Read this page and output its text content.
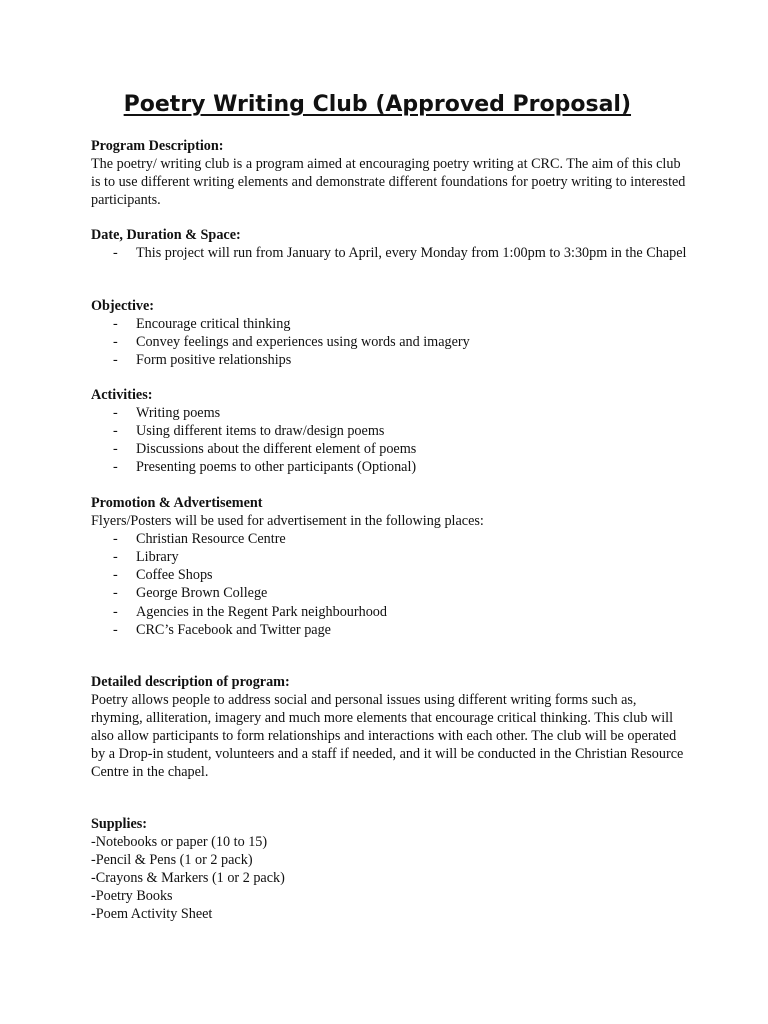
Poetry Writing Club (Approved Proposal)
Program Description:
The poetry/ writing club is a program aimed at encouraging poetry writing at CRC. The aim of this club is to use different writing elements and demonstrate different foundations for poetry writing to interested participants.
Date, Duration & Space:
- This project will run from January to April, every Monday from 1:00pm to 3:30pm in the Chapel
Objective:
- Encourage critical thinking
- Convey feelings and experiences using words and imagery
- Form positive relationships
Activities:
- Writing poems
- Using different items to draw/design poems
- Discussions about the different element of poems
- Presenting poems to other participants (Optional)
Promotion & Advertisement
Flyers/Posters will be used for advertisement in the following places:
- Christian Resource Centre
- Library
- Coffee Shops
- George Brown College
- Agencies in the Regent Park neighbourhood
- CRC’s Facebook and Twitter page
Detailed description of program:
Poetry allows people to address social and personal issues using different writing forms such as, rhyming, alliteration, imagery and much more elements that encourage critical thinking. This club will also allow participants to form relationships and interactions with each other. The club will be operated by a Drop-in student, volunteers and a staff if needed, and it will be conducted in the Christian Resource Centre in the chapel.
Supplies:
-Notebooks or paper (10 to 15)
-Pencil & Pens (1 or 2 pack)
-Crayons & Markers (1 or 2 pack)
-Poetry Books
-Poem Activity Sheet
